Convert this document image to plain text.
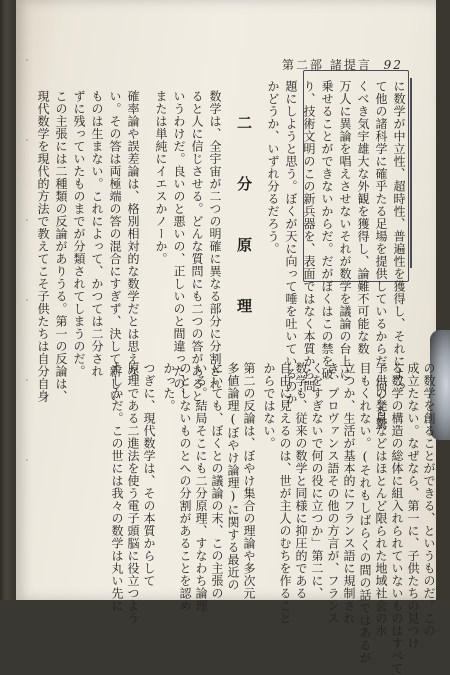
第二部 諸提言 92
二 分 原 理	に数学が中立性、超時性、普遍性を獲得し、それによっ
て他の諸科学に確乎たる足場を提供しているからだ。何とも驚
くべき気宇雄大な外観を獲得し、論難不可能な数
万人に異論を唱えさせないそれが数学を議論の台上に
乗せることができないからだ。だがぼくはこの禁を破
り、技術文明のこの新兵器を、表面ではなく本質から問
題にしようと思う。ぼくが天に向って唾を吐いているのか
かどうか、いずれ分るだろう。
数学は、全宇宙が二つの明確に異なる部分に分割され
ると人に信じさせる。どんな質問にも二つの答があると
いうわけだ。良いのと悪いの、正しいのと間違ったの、
または単純にイエスかノーか。
確率論や誤差論は、格別相対的な数学だとは思えな
い。その答は両極端の答の混合にすぎず、決して新しい
ものは生まない。これによって、かつては二分され
ずに残っていたものまでが分類されてしまうのだ。
この主張には二種類の反論がありうる。第一の反論は、
現代数学を現代的方法で教えてこそ子供たちは自分自身
の数学を創ることができる、というものだ。この
成立たない。なぜなら、第一に、子供たちの見つけ
る数学の構造の総体に組入れられていないものはすべて
子供の発見などはほとんど限られた地域社会の水
目もくれない。(それもしばらくの間の話ではあるが
立つか、生活が基本的にフランス語に規制され
き、プロヴァンス語その他の方言が、フランス
くをすぎないで何の役に立つか」第二に、
数学も、従来の数学と同様に抑圧的である
自由に見えるのは、世が主人のむちを作ること
からではない。
第二の反論は、ぼやけ集合の理論や多次元
多値論理(ぼやけ論理)に関する最近の
にいても、ぼくとの議論の末、この主張の
いる。結局そこにも二分原理、すなわち論理
のとしないものとへの分割があることを認め
かった。
つぎに、現代数学は、その本質からして
原理である二進法を使う電子頭脳に役立つよう
たしかだ。この世には我々の数学は丸い先に
